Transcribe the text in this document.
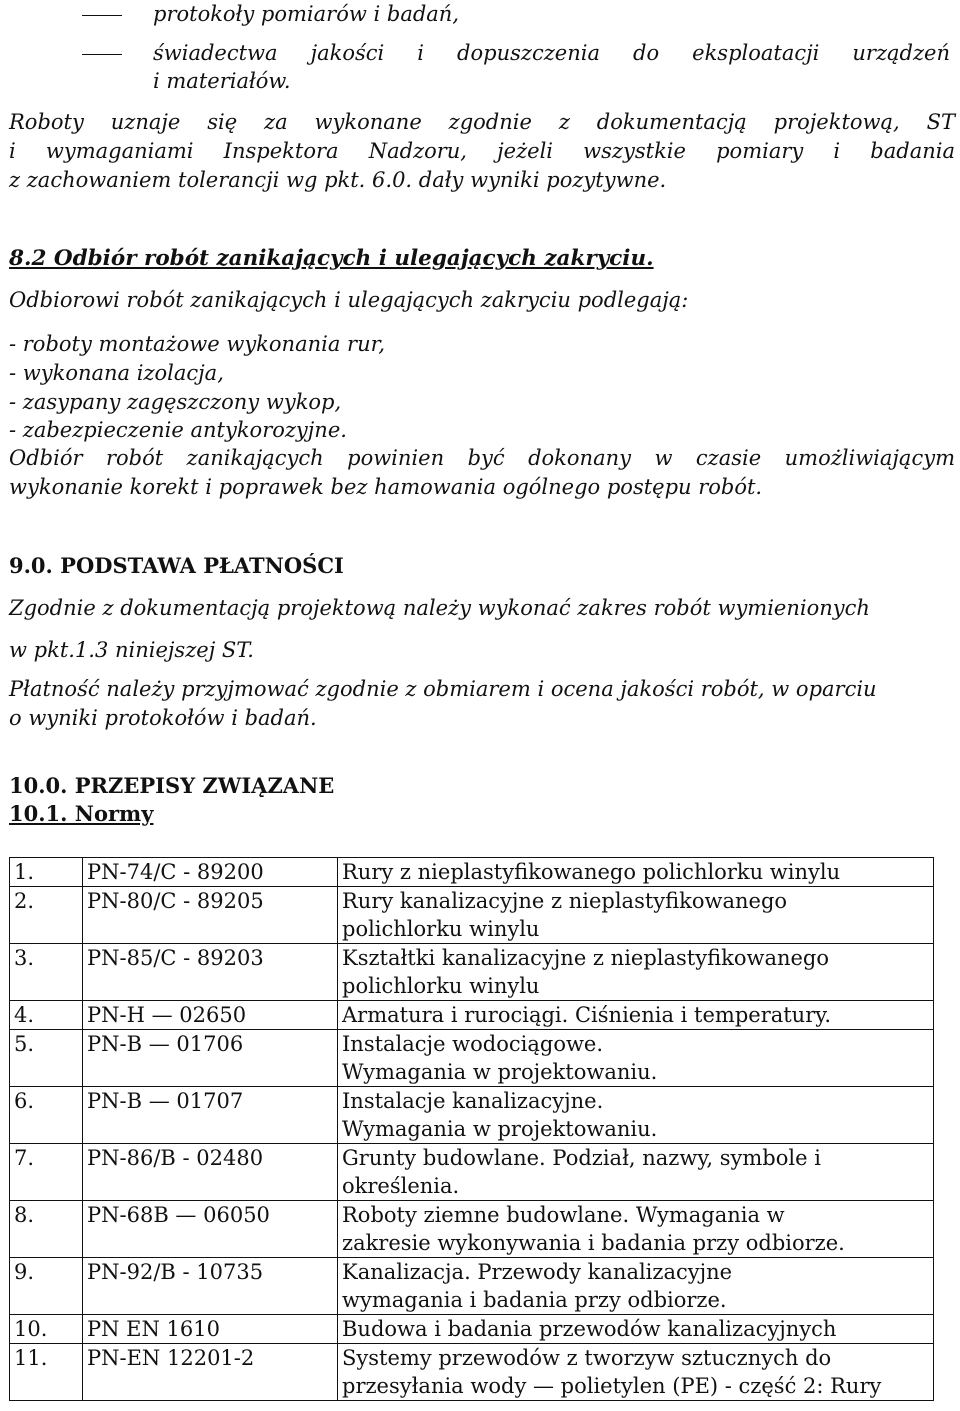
protokoły pomiarów i badań,
świadectwa jakości i dopuszczenia do eksploatacji urządzeń
i materiałów.
Roboty uznaje się za wykonane zgodnie z dokumentacją projektową, ST
i wymaganiami Inspektora Nadzoru, jeżeli wszystkie pomiary i badania
z zachowaniem tolerancji wg pkt. 6.0. dały wyniki pozytywne.
8.2 Odbiór robót zanikających i ulegających zakryciu.
Odbiorowi robót zanikających i ulegających zakryciu podlegają:
- roboty montażowe wykonania rur,
- wykonana izolacja,
- zasypany zagęszczony wykop,
- zabezpieczenie antykorozyjne.
Odbiór robót zanikających powinien być dokonany w czasie umożliwiającym
wykonanie korekt i poprawek bez hamowania ogólnego postępu robót.
9.0. PODSTAWA PŁATNOŚCI
Zgodnie z dokumentacją projektową należy wykonać zakres robót wymienionych
w pkt.1.3 niniejszej ST.
Płatność należy przyjmować zgodnie z obmiarem i ocena jakości robót, w oparciu
o wyniki protokołów i badań.
10.0. PRZEPISY ZWIĄZANE
10.1. Normy
1.	PN-74/C - 89200	Rury z nieplastyfikowanego polichlorku winylu

2.	PN-80/C - 89205	Rury kanalizacyjne z nieplastyfikowanego
polichlorku winylu

3.	PN-85/C - 89203	Kształtki kanalizacyjne z nieplastyfikowanego
polichlorku winylu

4.	PN-H — 02650	Armatura i rurociągi. Ciśnienia i temperatury.

5.	PN-B — 01706	Instalacje wodociągowe.
Wymagania w projektowaniu.

6.	PN-B — 01707	Instalacje kanalizacyjne.
Wymagania w projektowaniu.

7.	PN-86/B - 02480	Grunty budowlane. Podział, nazwy, symbole i
określenia.

8.	PN-68B — 06050	Roboty ziemne budowlane. Wymagania w
zakresie wykonywania i badania przy odbiorze.

9.	PN-92/B - 10735	Kanalizacja. Przewody kanalizacyjne
wymagania i badania przy odbiorze.

10.	PN EN 1610	Budowa i badania przewodów kanalizacyjnych

11.	PN-EN 12201-2	Systemy przewodów z tworzyw sztucznych do
przesyłania wody — polietylen (PE) - część 2: Rury
